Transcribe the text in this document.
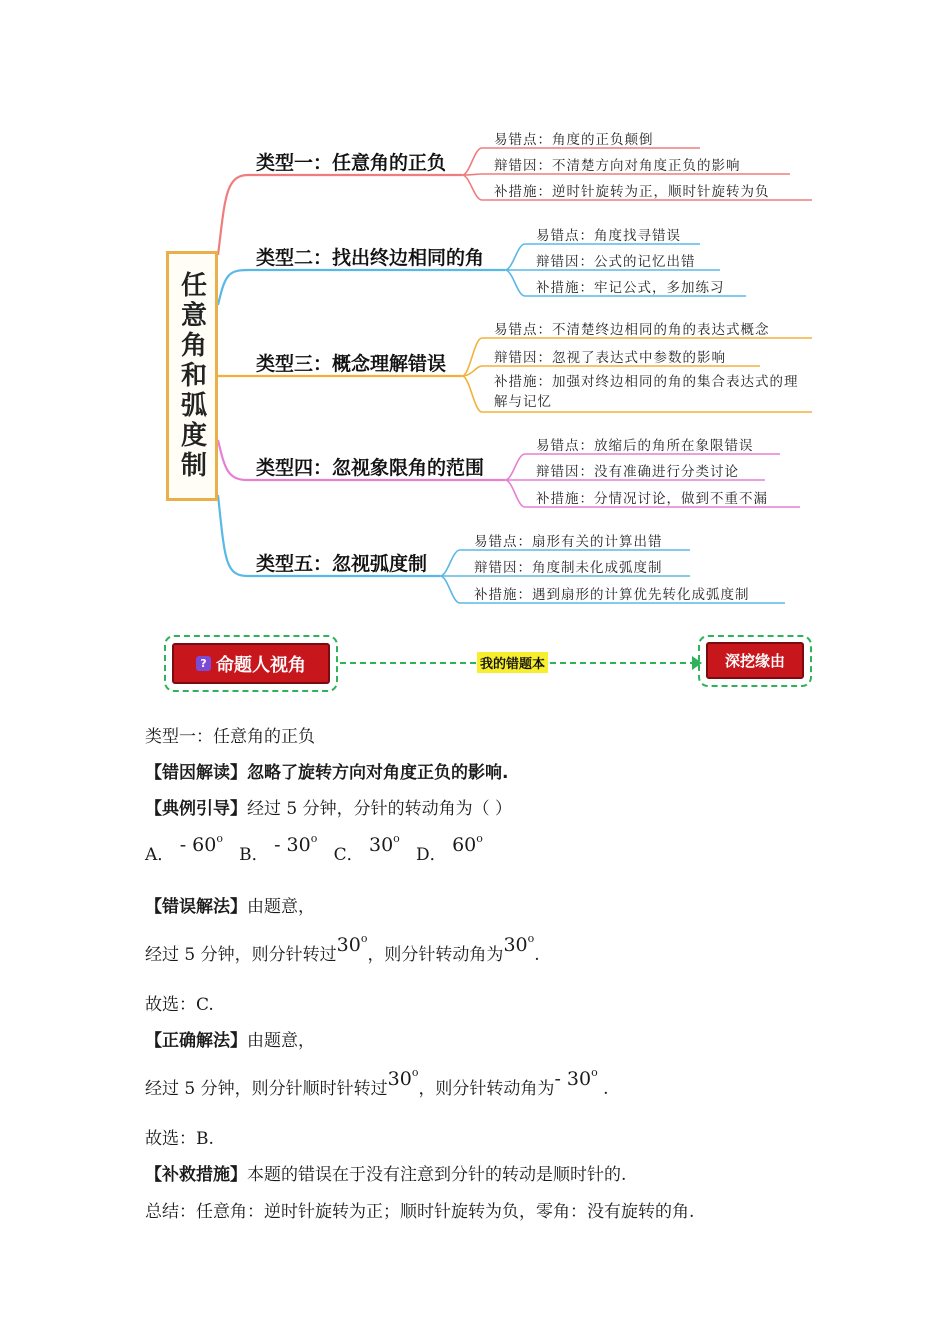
任意角和弧度制
类型一：任意角的正负
类型二：找出终边相同的角
类型三：概念理解错误
类型四：忽视象限角的范围
类型五：忽视弧度制
易错点：角度的正负颠倒
辩错因：不清楚方向对角度正负的影响
补措施：逆时针旋转为正，顺时针旋转为负
易错点：角度找寻错误
辩错因：公式的记忆出错
补措施：牢记公式，多加练习
易错点：不清楚终边相同的角的表达式概念
辩错因：忽视了表达式中参数的影响
补措施：加强对终边相同的角的集合表达式的理解与记忆
易错点：放缩后的角所在象限错误
辩错因：没有准确进行分类讨论
补措施：分情况讨论，做到不重不漏
易错点：扇形有关的计算出错
辩错因：角度制未化成弧度制
补措施：遇到扇形的计算优先转化成弧度制
? 命题人视角	我的错题本	深挖缘由
类型一：任意角的正负
【错因解读】忽略了旋转方向对角度正负的影响.
【典例引导】经过 5 分钟，分针的转动角为（ ）
A． - 60$^o$   B． - 30$^o$   C． 30$^o$   D． 60$^o$
【错误解法】由题意，
经过 5 分钟，则分针转过30$^o$，则分针转动角为30$^o$.
故选：C.
【正确解法】由题意，
经过 5 分钟，则分针顺时针转过30$^o$，则分针转动角为- 30$^o$ .
故选：B.
【补救措施】本题的错误在于没有注意到分针的转动是顺时针的.
总结：任意角：逆时针旋转为正；顺时针旋转为负，零角：没有旋转的角.
